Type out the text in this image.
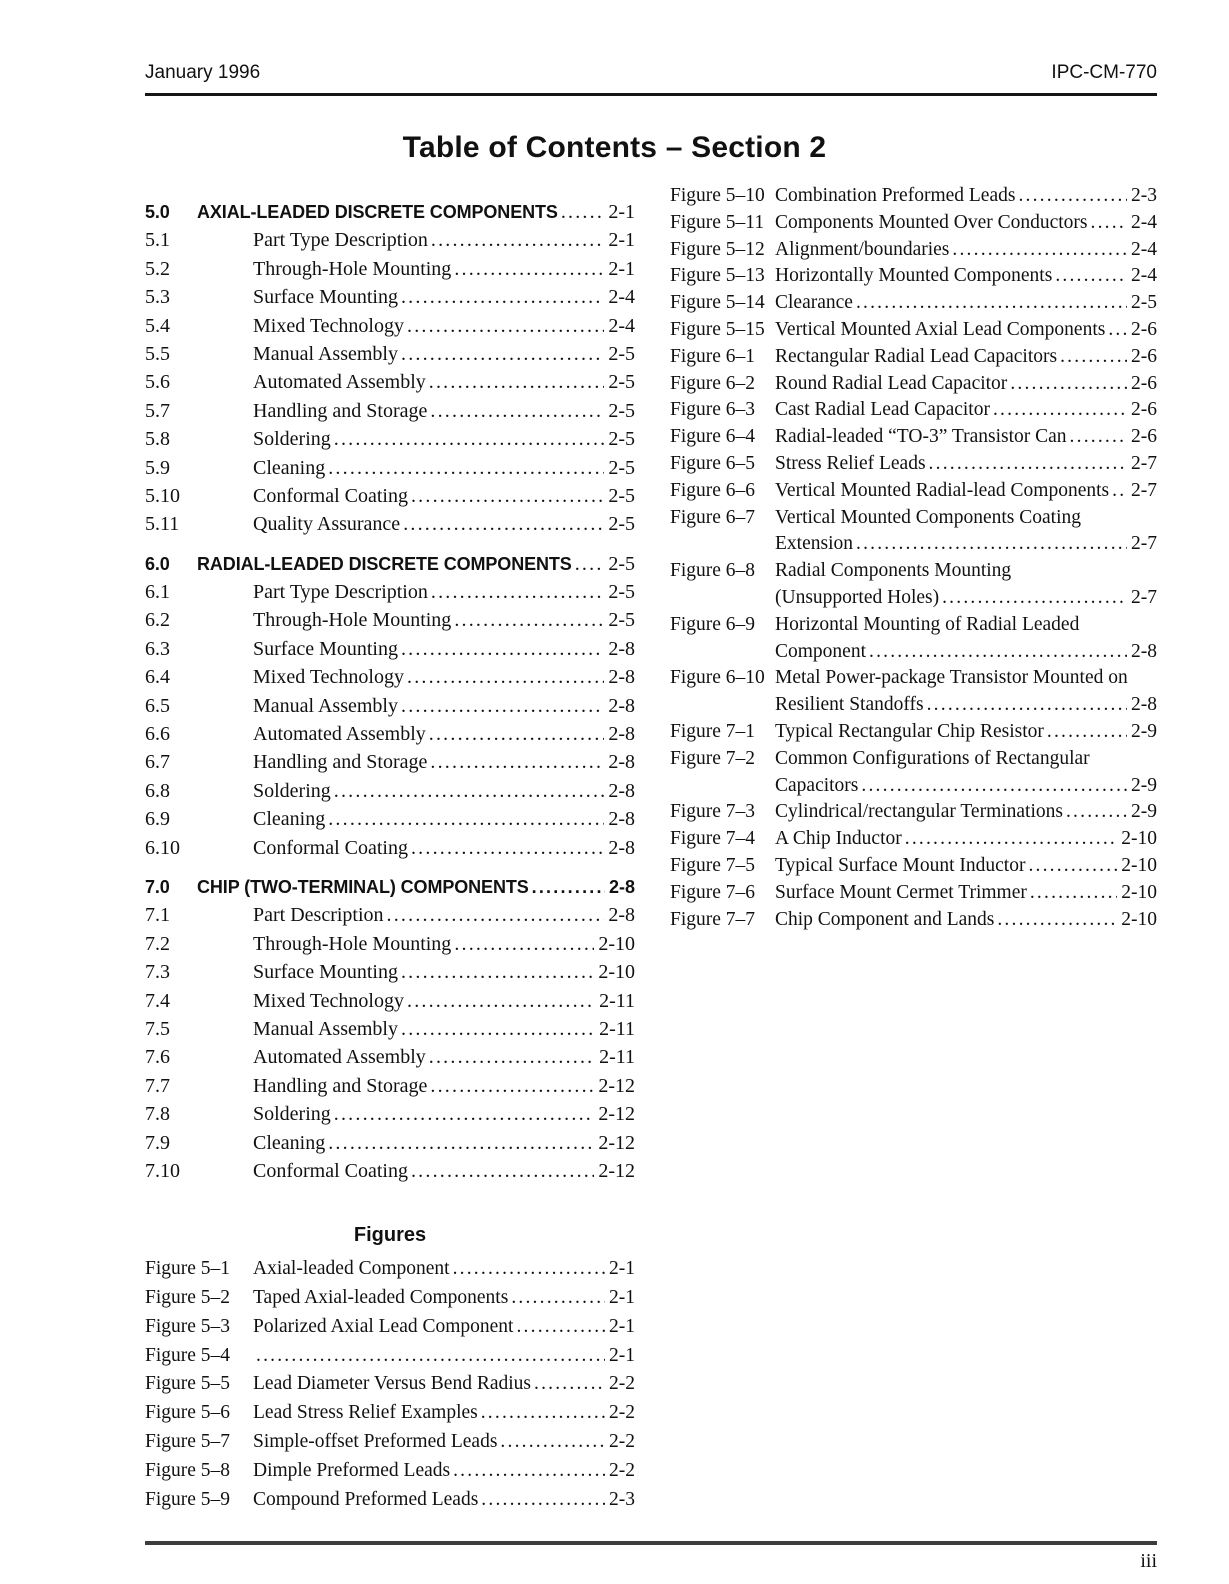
January 1996	IPC-CM-770
Table of Contents – Section 2
5.0	AXIAL-LEADED DISCRETE COMPONENTS .....	2-1
5.1	Part Type Description .....	2-1
5.2	Through-Hole Mounting .....	2-1
5.3	Surface Mounting .....	2-4
5.4	Mixed Technology .....	2-4
5.5	Manual Assembly .....	2-5
5.6	Automated Assembly .....	2-5
5.7	Handling and Storage .....	2-5
5.8	Soldering .....	2-5
5.9	Cleaning .....	2-5
5.10	Conformal Coating .....	2-5
5.11	Quality Assurance .....	2-5
6.0	RADIAL-LEADED DISCRETE COMPONENTS ..... 2-5
6.1	Part Type Description .....	2-5
6.2	Through-Hole Mounting .....	2-5
6.3	Surface Mounting .....	2-8
6.4	Mixed Technology .....	2-8
6.5	Manual Assembly .....	2-8
6.6	Automated Assembly .....	2-8
6.7	Handling and Storage .....	2-8
6.8	Soldering .....	2-8
6.9	Cleaning .....	2-8
6.10	Conformal Coating .....	2-8
7.0	CHIP (TWO-TERMINAL) COMPONENTS .....	2-8
7.1	Part Description .....	2-8
7.2	Through-Hole Mounting .....	2-10
7.3	Surface Mounting .....	2-10
7.4	Mixed Technology .....	2-11
7.5	Manual Assembly .....	2-11
7.6	Automated Assembly .....	2-11
7.7	Handling and Storage .....	2-12
7.8	Soldering .....	2-12
7.9	Cleaning .....	2-12
7.10	Conformal Coating .....	2-12
Figures
Figure 5–1	Axial-leaded Component .....	2-1
Figure 5–2	Taped Axial-leaded Components .....	2-1
Figure 5–3	Polarized Axial Lead Component .....	2-1
Figure 5–4 .....	2-1
Figure 5–5	Lead Diameter Versus Bend Radius .....	2-2
Figure 5–6	Lead Stress Relief Examples .....	2-2
Figure 5–7	Simple-offset Preformed Leads .....	2-2
Figure 5–8	Dimple Preformed Leads .....	2-2
Figure 5–9	Compound Preformed Leads .....	2-3
Figure 5–10 Combination Preformed Leads .....	2-3
Figure 5–11 Components Mounted Over Conductors ..... 2-4
Figure 5–12 Alignment/boundaries .....	2-4
Figure 5–13 Horizontally Mounted Components .....	2-4
Figure 5–14 Clearance .....	2-5
Figure 5–15 Vertical Mounted Axial Lead Components ..... 2-6
Figure 6–1	Rectangular Radial Lead Capacitors .....	2-6
Figure 6–2	Round Radial Lead Capacitor .....	2-6
Figure 6–3	Cast Radial Lead Capacitor .....	2-6
Figure 6–4	Radial-leaded “TO-3” Transistor Can .....	2-6
Figure 6–5	Stress Relief Leads .....	2-7
Figure 6–6	Vertical Mounted Radial-lead Components ..... 2-7
Figure 6–7	Vertical Mounted Components Coating
Extension .....	2-7
Figure 6–8	Radial Components Mounting
(Unsupported Holes) .....	2-7
Figure 6–9	Horizontal Mounting of Radial Leaded
Component .....	2-8
Figure 6–10 Metal Power-package Transistor Mounted on
Resilient Standoffs .....	2-8
Figure 7–1	Typical Rectangular Chip Resistor .....	2-9
Figure 7–2	Common Configurations of Rectangular
Capacitors .....	2-9
Figure 7–3	Cylindrical/rectangular Terminations .....	2-9
Figure 7–4	A Chip Inductor .....	2-10
Figure 7–5	Typical Surface Mount Inductor .....	2-10
Figure 7–6	Surface Mount Cermet Trimmer .....	2-10
Figure 7–7	Chip Component and Lands .....	2-10
iii
